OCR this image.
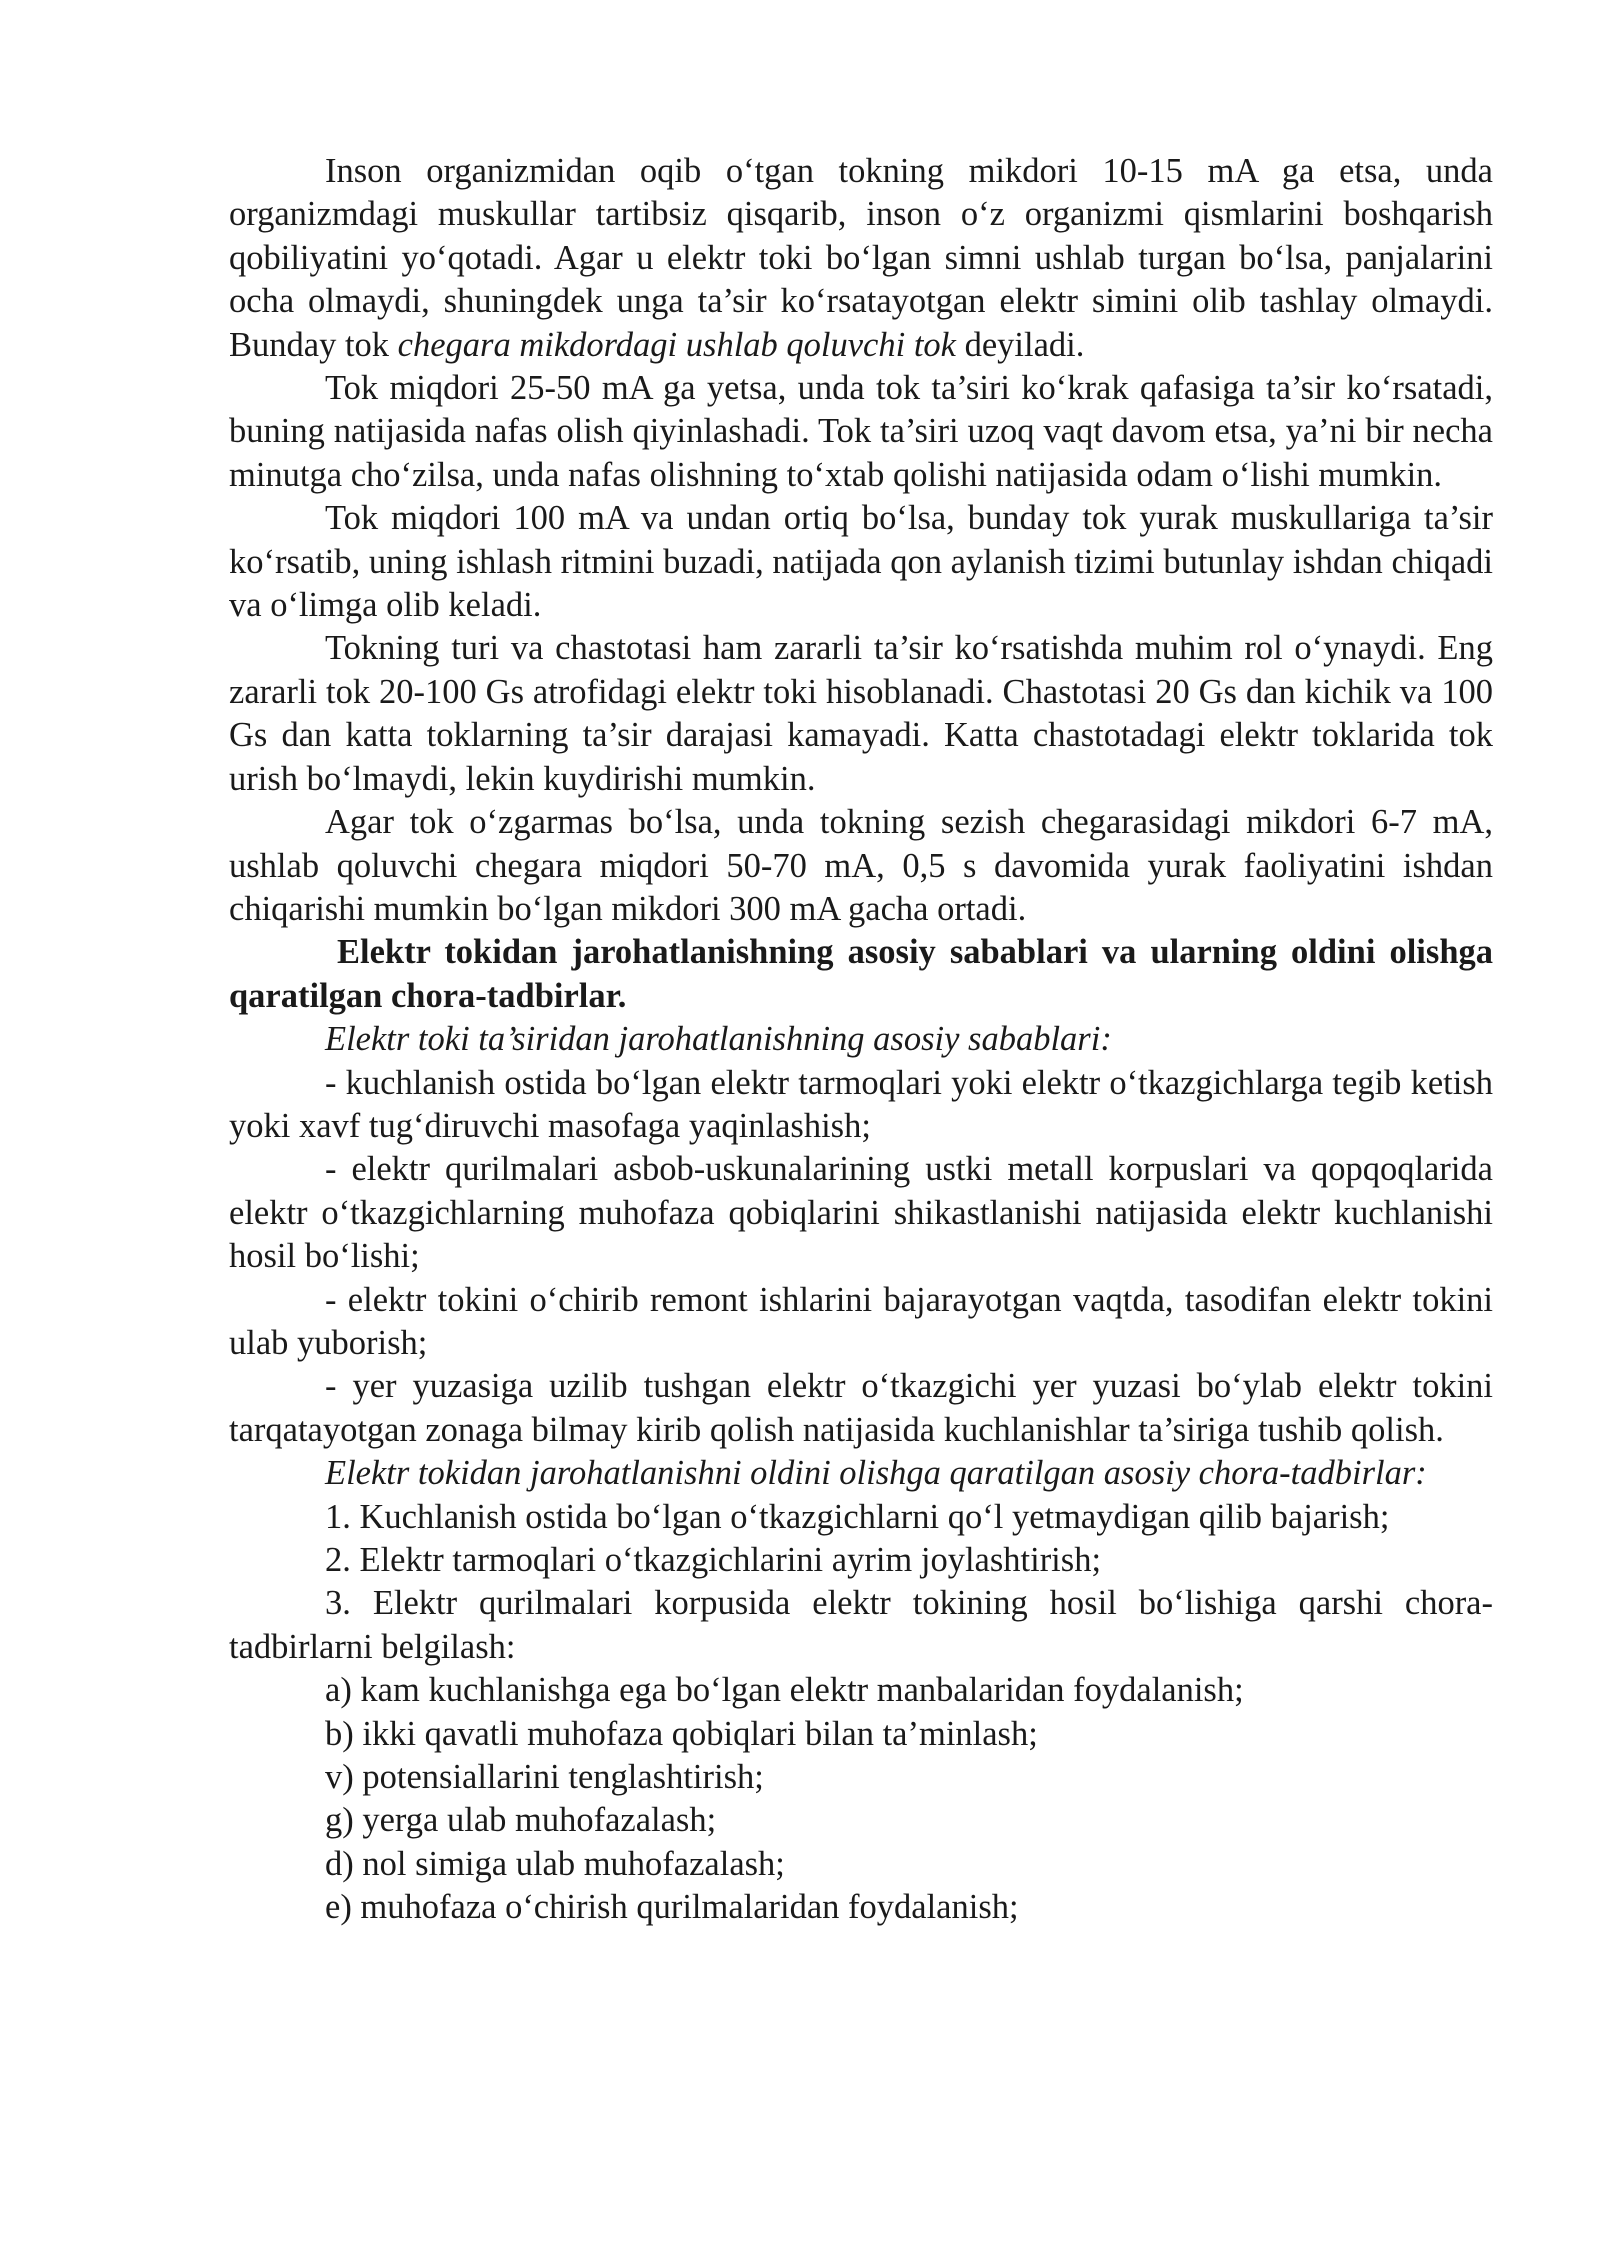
Inson organizmidan oqib o‘tgan tokning mikdori 10-15 mA ga etsa, unda organizmdagi muskullar tartibsiz qisqarib, inson o‘z organizmi qismlarini boshqarish qobiliyatini yo‘qotadi. Agar u elektr toki bo‘lgan simni ushlab turgan bo‘lsa, panjalarini ocha olmaydi, shuningdek unga ta’sir ko‘rsatayotgan elektr simini olib tashlay olmaydi. Bunday tok chegara mikdordagi ushlab qoluvchi tok deyiladi.

Tok miqdori 25-50 mA ga yetsa, unda tok ta’siri ko‘krak qafasiga ta’sir ko‘rsatadi, buning natijasida nafas olish qiyinlashadi. Tok ta’siri uzoq vaqt davom etsa, ya’ni bir necha minutga cho‘zilsa, unda nafas olishning to‘xtab qolishi natijasida odam o‘lishi mumkin.

Tok miqdori 100 mA va undan ortiq bo‘lsa, bunday tok yurak muskullariga ta’sir ko‘rsatib, uning ishlash ritmini buzadi, natijada qon aylanish tizimi butunlay ishdan chiqadi va o‘limga olib keladi.

Tokning turi va chastotasi ham zararli ta’sir ko‘rsatishda muhim rol o‘ynaydi. Eng zararli tok 20-100 Gs atrofidagi elektr toki hisoblanadi. Chastotasi 20 Gs dan kichik va 100 Gs dan katta toklarning ta’sir darajasi kamayadi. Katta chastotadagi elektr toklarida tok urish bo‘lmaydi, lekin kuydirishi mumkin.

Agar tok o‘zgarmas bo‘lsa, unda tokning sezish chegarasidagi mikdori 6-7 mA, ushlab qoluvchi chegara miqdori 50-70 mA, 0,5 s davomida yurak faoliyatini ishdan chiqarishi mumkin bo‘lgan mikdori 300 mA gacha ortadi.

Elektr tokidan jarohatlanishning asosiy sabablari va ularning oldini olishga qaratilgan chora-tadbirlar.

Elektr toki ta’siridan jarohatlanishning asosiy sabablari:

- kuchlanish ostida bo‘lgan elektr tarmoqlari yoki elektr o‘tkazgichlarga tegib ketish yoki xavf tug‘diruvchi masofaga yaqinlashish;

- elektr qurilmalari asbob-uskunalarining ustki metall korpuslari va qopqoqlarida elektr o‘tkazgichlarning muhofaza qobiqlarini shikastlanishi natijasida elektr kuchlanishi hosil bo‘lishi;

- elektr tokini o‘chirib remont ishlarini bajarayotgan vaqtda, tasodifan elektr tokini ulab yuborish;

- yer yuzasiga uzilib tushgan elektr o‘tkazgichi yer yuzasi bo‘ylab elektr tokini tarqatayotgan zonaga bilmay kirib qolish natijasida kuchlanishlar ta’siriga tushib qolish.

Elektr tokidan jarohatlanishni oldini olishga qaratilgan asosiy chora-tadbirlar:

1. Kuchlanish ostida bo‘lgan o‘tkazgichlarni qo‘l yetmaydigan qilib bajarish;

2. Elektr tarmoqlari o‘tkazgichlarini ayrim joylashtirish;

3. Elektr qurilmalari korpusida elektr tokining hosil bo‘lishiga qarshi chora-tadbirlarni belgilash:

a) kam kuchlanishga ega bo‘lgan elektr manbalaridan foydalanish;

b) ikki qavatli muhofaza qobiqlari bilan ta’minlash;

v) potensiallarini tenglashtirish;

g) yerga ulab muhofazalash;

d) nol simiga ulab muhofazalash;

e) muhofaza o‘chirish qurilmalaridan foydalanish;
